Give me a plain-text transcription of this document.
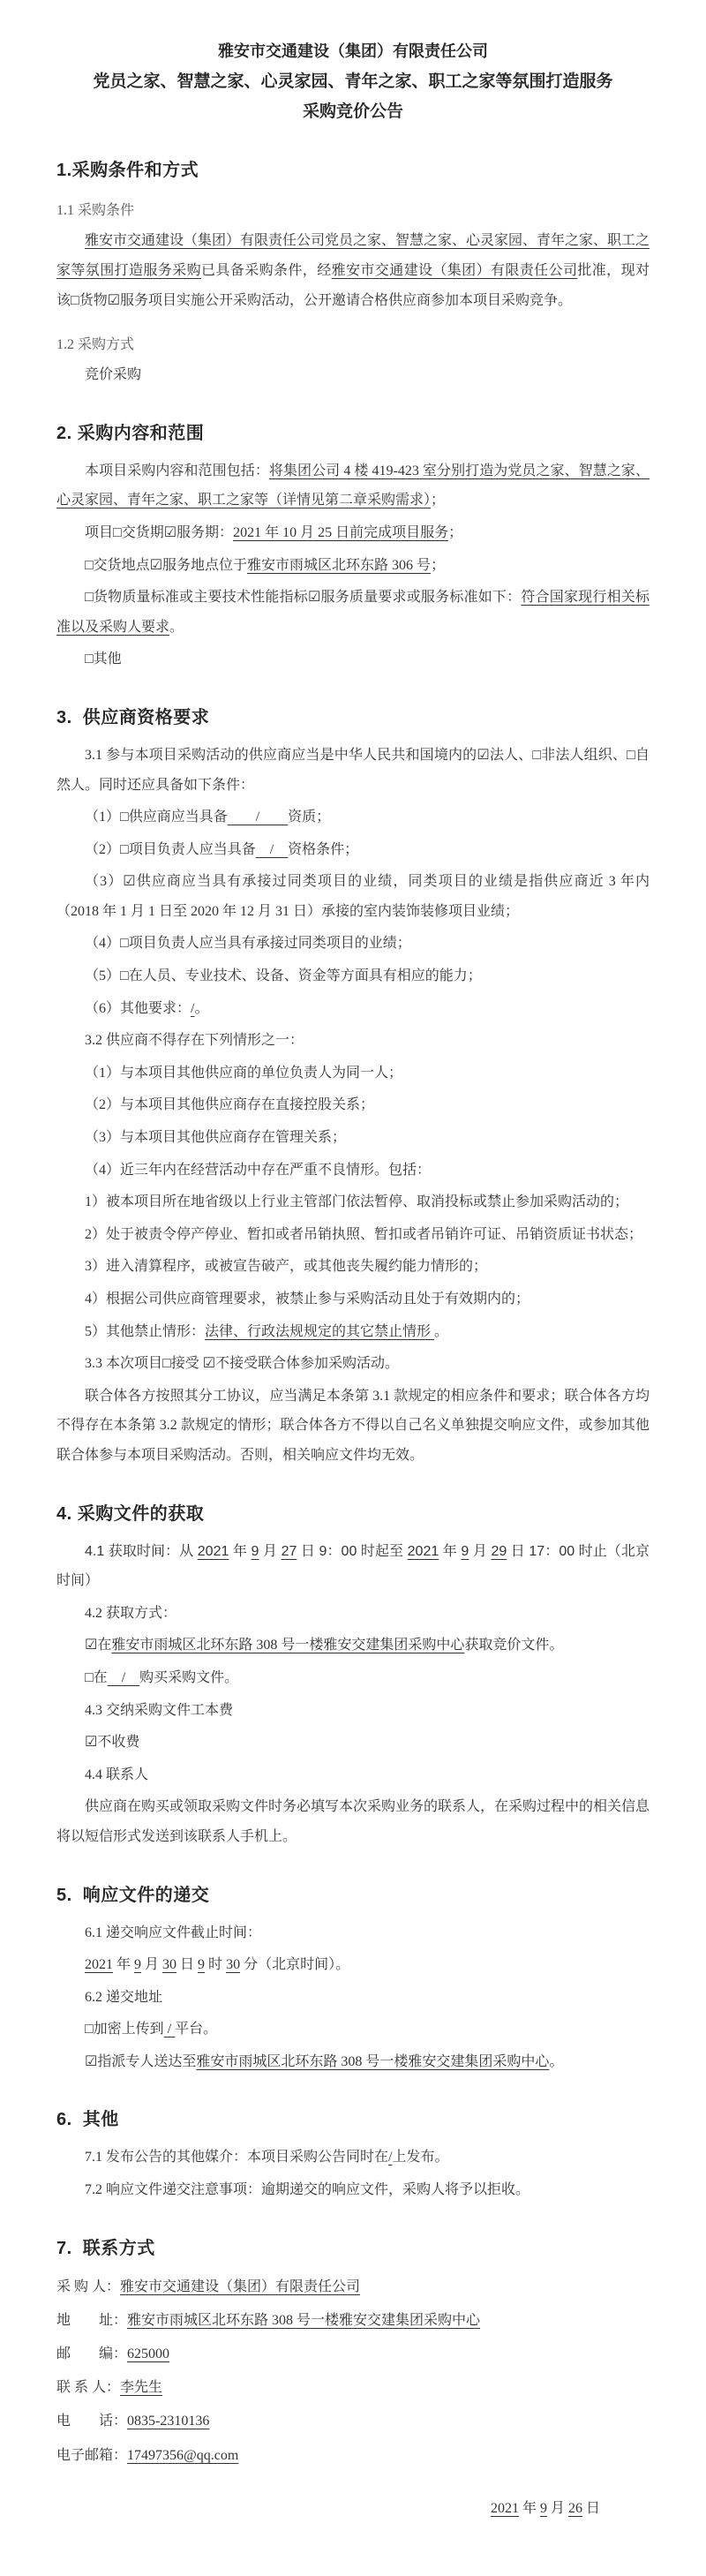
雅安市交通建设（集团）有限责任公司
党员之家、智慧之家、心灵家园、青年之家、职工之家等氛围打造服务采购竞价公告
1.采购条件和方式
1.1 采购条件
雅安市交通建设（集团）有限责任公司党员之家、智慧之家、心灵家园、青年之家、职工之家等氛围打造服务采购已具备采购条件，经雅安市交通建设（集团）有限责任公司批准，现对该□货物☑服务项目实施公开采购活动，公开邀请合格供应商参加本项目采购竞争。
1.2 采购方式
竞价采购
2. 采购内容和范围
本项目采购内容和范围包括：将集团公司 4 楼 419-423 室分别打造为党员之家、智慧之家、心灵家园、青年之家、职工之家等（详情见第二章采购需求）；
项目□交货期☑服务期：2021 年 10 月 25 日前完成项目服务；
□交货地点☑服务地点位于雅安市雨城区北环东路 306 号；
□货物质量标准或主要技术性能指标☑服务质量要求或服务标准如下：符合国家现行相关标准以及采购人要求。
□其他
3.  供应商资格要求
3.1 参与本项目采购活动的供应商应当是中华人民共和国境内的☑法人、□非法人组织、□自然人。同时还应具备如下条件：
（1）□供应商应当具备　　/　　资质；
（2）□项目负责人应当具备　/　资格条件；
（3）☑供应商应当具有承接过同类项目的业绩，同类项目的业绩是指供应商近 3 年内（2018 年 1 月 1 日至 2020 年 12 月 31 日）承接的室内装饰装修项目业绩；
（4）□项目负责人应当具有承接过同类项目的业绩；
（5）□在人员、专业技术、设备、资金等方面具有相应的能力；
（6）其他要求：/。
3.2 供应商不得存在下列情形之一：
（1）与本项目其他供应商的单位负责人为同一人；
（2）与本项目其他供应商存在直接控股关系；
（3）与本项目其他供应商存在管理关系；
（4）近三年内在经营活动中存在严重不良情形。包括：
1）被本项目所在地省级以上行业主管部门依法暂停、取消投标或禁止参加采购活动的；
2）处于被责令停产停业、暂扣或者吊销执照、暂扣或者吊销许可证、吊销资质证书状态；
3）进入清算程序，或被宣告破产，或其他丧失履约能力情形的；
4）根据公司供应商管理要求，被禁止参与采购活动且处于有效期内的；
5）其他禁止情形：法律、行政法规规定的其它禁止情形 。
3.3 本次项目□接受 ☑不接受联合体参加采购活动。
联合体各方按照其分工协议，应当满足本条第 3.1 款规定的相应条件和要求；联合体各方均不得存在本条第 3.2 款规定的情形；联合体各方不得以自己名义单独提交响应文件，或参加其他联合体参与本项目采购活动。否则，相关响应文件均无效。
4. 采购文件的获取
4.1 获取时间：从 2021 年 9 月 27 日 9：00 时起至 2021 年 9 月 29 日 17：00 时止（北京时间）
4.2 获取方式：
☑在雅安市雨城区北环东路 308 号一楼雅安交建集团采购中心获取竞价文件。
□在　/　购买采购文件。
4.3 交纳采购文件工本费
☑不收费
4.4 联系人
供应商在购买或领取采购文件时务必填写本次采购业务的联系人，在采购过程中的相关信息将以短信形式发送到该联系人手机上。
5.  响应文件的递交
6.1 递交响应文件截止时间：
2021 年 9 月 30 日 9 时 30 分（北京时间）。
6.2 递交地址
□加密上传到 / 平台。
☑指派专人送达至雅安市雨城区北环东路 308 号一楼雅安交建集团采购中心。
6.  其他
7.1 发布公告的其他媒介：本项目采购公告同时在/上发布。
7.2 响应文件递交注意事项：逾期递交的响应文件，采购人将予以拒收。
7.  联系方式
采 购 人：雅安市交通建设（集团）有限责任公司
地　　址：雅安市雨城区北环东路 308 号一楼雅安交建集团采购中心
邮　　编：625000
联 系 人：李先生
电　　话：0835-2310136
电子邮箱：17497356@qq.com
2021 年 9 月 26 日
